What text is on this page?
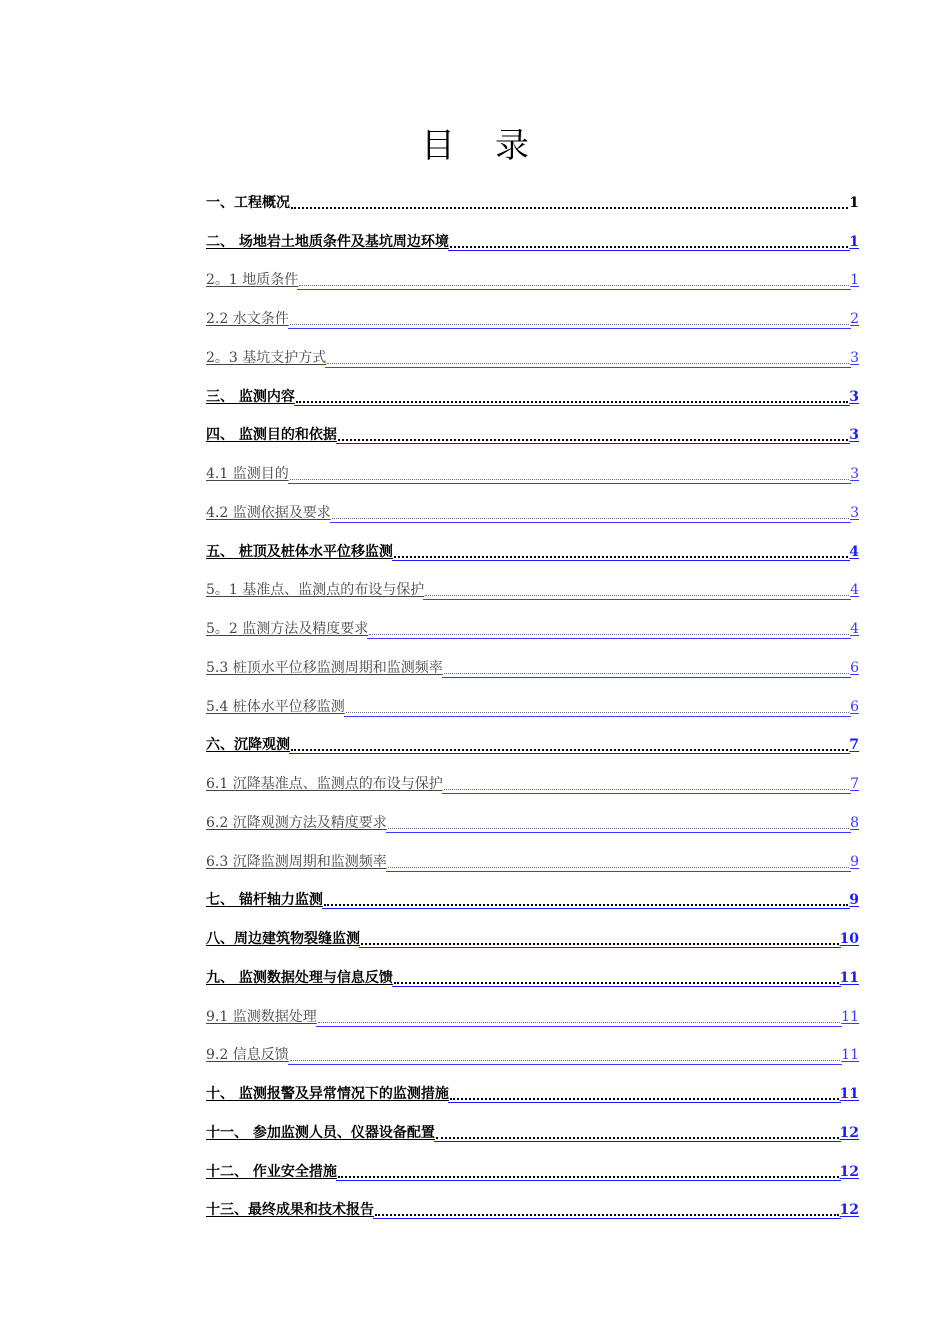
目 录
一、工程概况	1
二、 场地岩土地质条件及基坑周边环境	1
2。1 地质条件	1
2.2 水文条件	2
2。3 基坑支护方式	3
三、 监测内容	3
四、 监测目的和依据	3
4.1 监测目的	3
4.2 监测依据及要求	3
五、 桩顶及桩体水平位移监测	4
5。1 基准点、监测点的布设与保护	4
5。2 监测方法及精度要求	4
5.3 桩顶水平位移监测周期和监测频率	6
5.4 桩体水平位移监测	6
六、沉降观测	7
6.1 沉降基准点、监测点的布设与保护	7
6.2 沉降观测方法及精度要求	8
6.3 沉降监测周期和监测频率	9
七、 锚杆轴力监测	9
八、周边建筑物裂缝监测	10
九、 监测数据处理与信息反馈	11
9.1 监测数据处理	11
9.2 信息反馈	11
十、 监测报警及异常情况下的监测措施	11
十一、 参加监测人员、仪器设备配置	12
十二、 作业安全措施	12
十三、最终成果和技术报告	12
